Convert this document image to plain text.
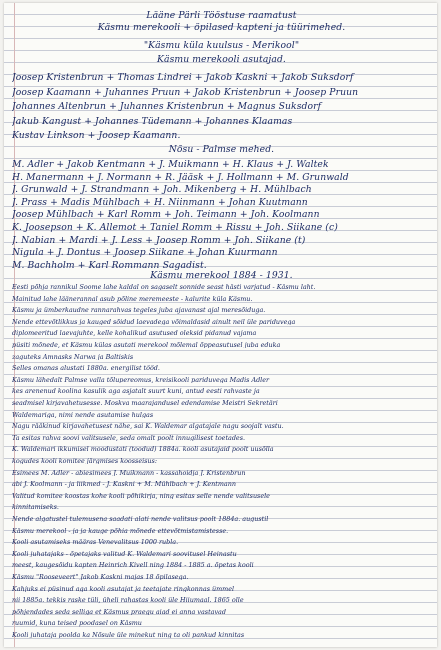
Lääne Pärli Tööstuse raamatust
Käsmu merekooli + õpilased kapteni ja tüürimehed.
"Käsmu küla kuulsus - Merikool"
Käsmu merekooli asutajad.
Joosep Kristenbrun + Thomas Lindrei + Jakob Kaskni + Jakob Suksdorf
Joosep Kaamann + Juhannes Pruun + Jakob Kristenbrun + Joosep Pruun
Johannes Altenbrun + Juhannes Kristenbrun + Magnus Suksdorf
Jakub Kangust + Johannes Tüdemann + Johannes Klaamas
Kustav Linkson + Joosep Kaamann.
Nõsu - Palmse mehed.
M. Adler + Jakob Kentmann + J. Muikmann + H. Klaus + J. Waltek
H. Manermann + J. Normann + R. Jääsk + J. Hollmann + M. Grunwald
J. Grunwald + J. Strandmann + Joh. Mikenberg + H. Mühlbach
J. Prass + Madis Mühlbach + H. Niinmann + Johan Kuutmann
Joosep Mühlbach + Karl Romm + Joh. Teimann + Joh. Koolmann
K. Joosepson + K. Allemot + Taniel Romm + Rissu + Joh. Siikane (c)
J. Nabian + Mardi + J. Less + Joosep Romm + Joh. Siikane (t)
Nigula + J. Dontus + Joosep Siikane + Johan Kuurmann
M. Bachholm + Karl Rommann Sagadist.
Käsmu merekool 1884 - 1931.
Eesti põhja rannikul Soome lahe kaldal on sagaselt sonnide seast hästi varjatud - Käsmu laht.
Mainitud lahe läänerannal asub põline meremeeste - kalurite küla Käsmu.
Käsmu ja ümberkaudne rannarahvas tegeles juba ajavanast ajal meresõiduga.
Nende ettevõtlikkus ja kauged sõidud laevadega võimaldasid ainult neil üle pariduvega
diplomeeritud laevajuhte, kelle kohalikud asutused oleksid pidanud vajama
püsiti mõnede, et Käsmu külas asutati merekool mõlemal õppeasutusel juba eduka
zaguteks Amnasks Narwa ja Baltiskis
Selles omanas alustati 1880a. energilist tööd.
Käsmu lähedalt Palmse valla tõlupereomus, kreisikooli pariduvega Madis Adler
kes arenenud koolina kasulik aga asjatalt suurt kuni, antud eesti rahvaste ja
seadmisel kirjavahetusesse. Moskva maarajandusel edendamise Meistri Sekretäri
Waldemariga, nimi nende asutamise hulgas
Nagu rääkinud kirjavahetusest nähe, sai K. Waldemar algatajale nagu soojalt vastu.
Ta esitas rahva soovi valitsusele, seda omalt poolt innugilisest toetades.
K. Waldemari ikkumisel moodustati (toodud) 1884a. kooli asutajaid poolt uusõlla
kogudes kooli komitee järgmises koosseisus:
Esimees M. Adler - abiesimees J. Muikmann - kassahoidja J. Kristenbrun
abi J. Koolmann - ja liikmed - J. Kaskni + M. Mühlbach + J. Kentmann
Valitud komitee koostas kohe kooli põhikirja, ning esitas selle nende valitsusele
kinnitamiseks.
Nende algatustel tulemusena saadati alati nende valitsus poolt 1884a. augustil
Käsmu merekool - ja ja kauge põhia mõnede ettevõtmistamistesse.
Kooli asutamiseks määras Venevalitsus 1000 rubla.
Kooli juhatajaks - õpetajaks valitud K. Waldemari soovitusel Heinastu
meest, kaugesõidu kapten Heinrich Kivell ning 1884 - 1885 a. õpetas kooli
Käsmu "Rooseveert" Jakob Kaskni majas 18 õpilasega.
Kahjuks ei püsinud aga kooli asutajat ja teetajate ringkonnas ümmel
nii 1885a. tekkis raske tüli, üheli rahastas kooli üle Hiiumaal. 1865 olle
põhjendades seda selliga et Käsmus praegu aiad ei anna vastavad
ruumid, kuna teised poodasel on Käsmu
Kooli juhataja poolda ka Nõsule üle minekut ning ta oli pankud kinnitas
